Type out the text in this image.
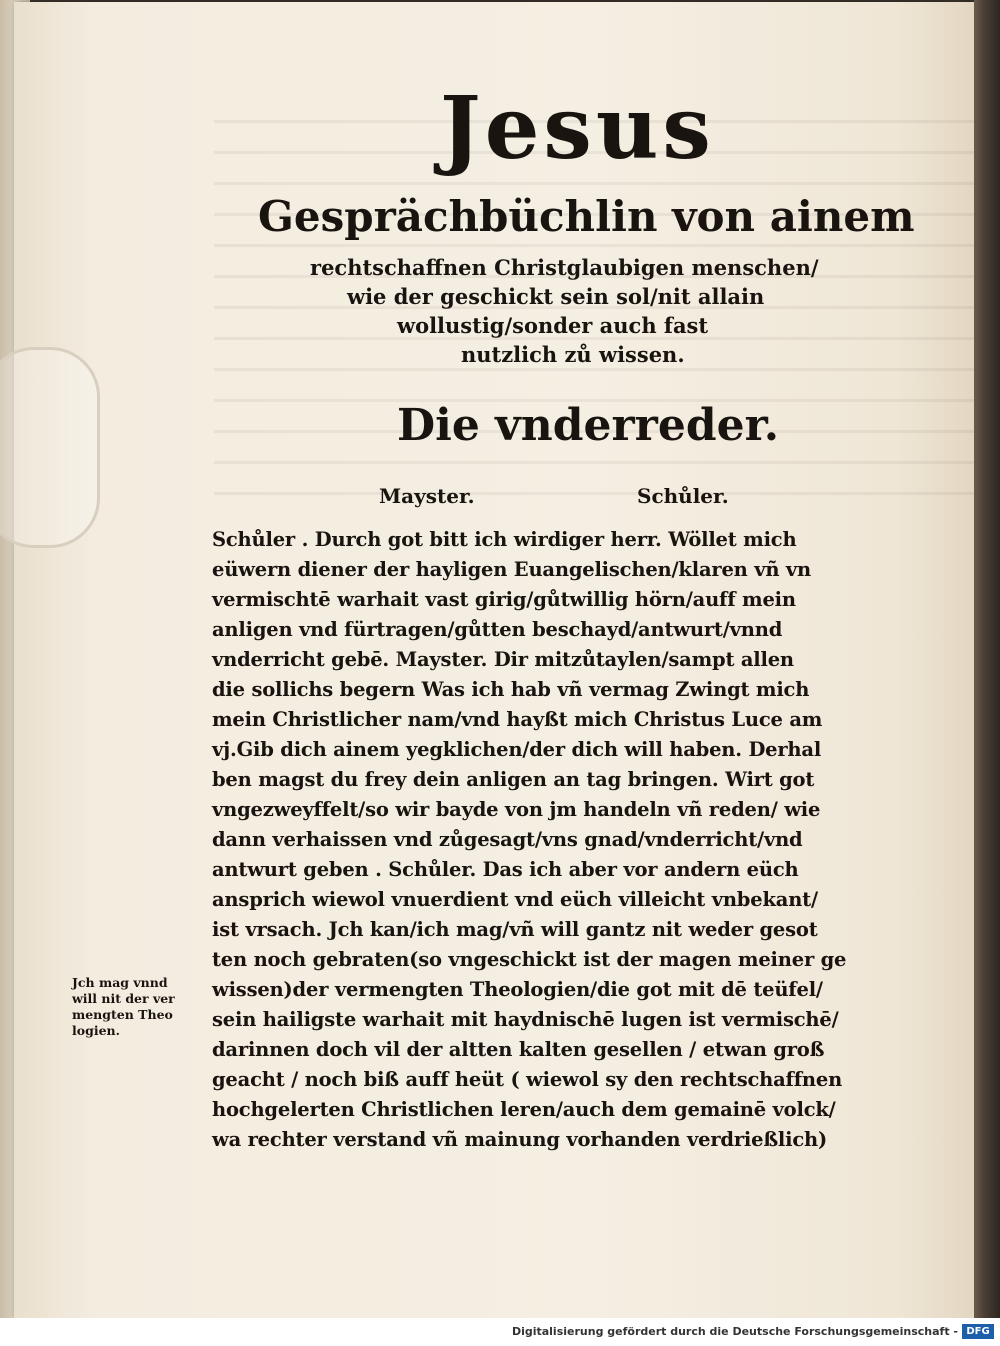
Jesus
Gesprächbüchlin von ainem
rechtschaffnen Christglaubigen menschen/
wie der geschickt sein sol/nit allain
wollustig/sonder auch fast
nutzlich zů wissen.
Die vnderreder.
Mayster.	Schůler.
Schůler . Durch got bitt ich wirdiger herr. Wöllet mich
eüwern diener der hayligen Euangelischen/klaren vñ vn
vermischtē warhait vast girig/gůtwillig hörn/auff mein
anligen vnd fürtragen/gůtten beschayd/antwurt/vnnd
vnderricht gebē. Mayster. Dir mitzůtaylen/sampt allen
die sollichs begern Was ich hab vñ vermag Zwingt mich
mein Christlicher nam/vnd hayßt mich Christus Luce am
vj.Gib dich ainem yegklichen/der dich will haben. Derhal
ben magst du frey dein anligen an tag bringen. Wirt got
vngezweyffelt/so wir bayde von jm handeln vñ reden/ wie
dann verhaissen vnd zůgesagt/vns gnad/vnderricht/vnd
antwurt geben . Schůler. Das ich aber vor andern eüch
ansprich wiewol vnuerdient vnd eüch villeicht vnbekant/
ist vrsach. Jch kan/ich mag/vñ will gantz nit weder gesot
ten noch gebraten(so vngeschickt ist der magen meiner ge
wissen)der vermengten Theologien/die got mit dē teüfel/
sein hailigste warhait mit haydnischē lugen ist vermischē/
darinnen doch vil der altten kalten gesellen / etwan groß
geacht / noch biß auff heüt ( wiewol sy den rechtschaffnen
hochgelerten Christlichen leren/auch dem gemainē volck/
wa rechter verstand vñ mainung vorhanden verdrießlich)
Jch mag vnnd
will nit der ver
mengten Theo
logien.
Digitalisierung gefördert durch die Deutsche Forschungsgemeinschaft - DFG
